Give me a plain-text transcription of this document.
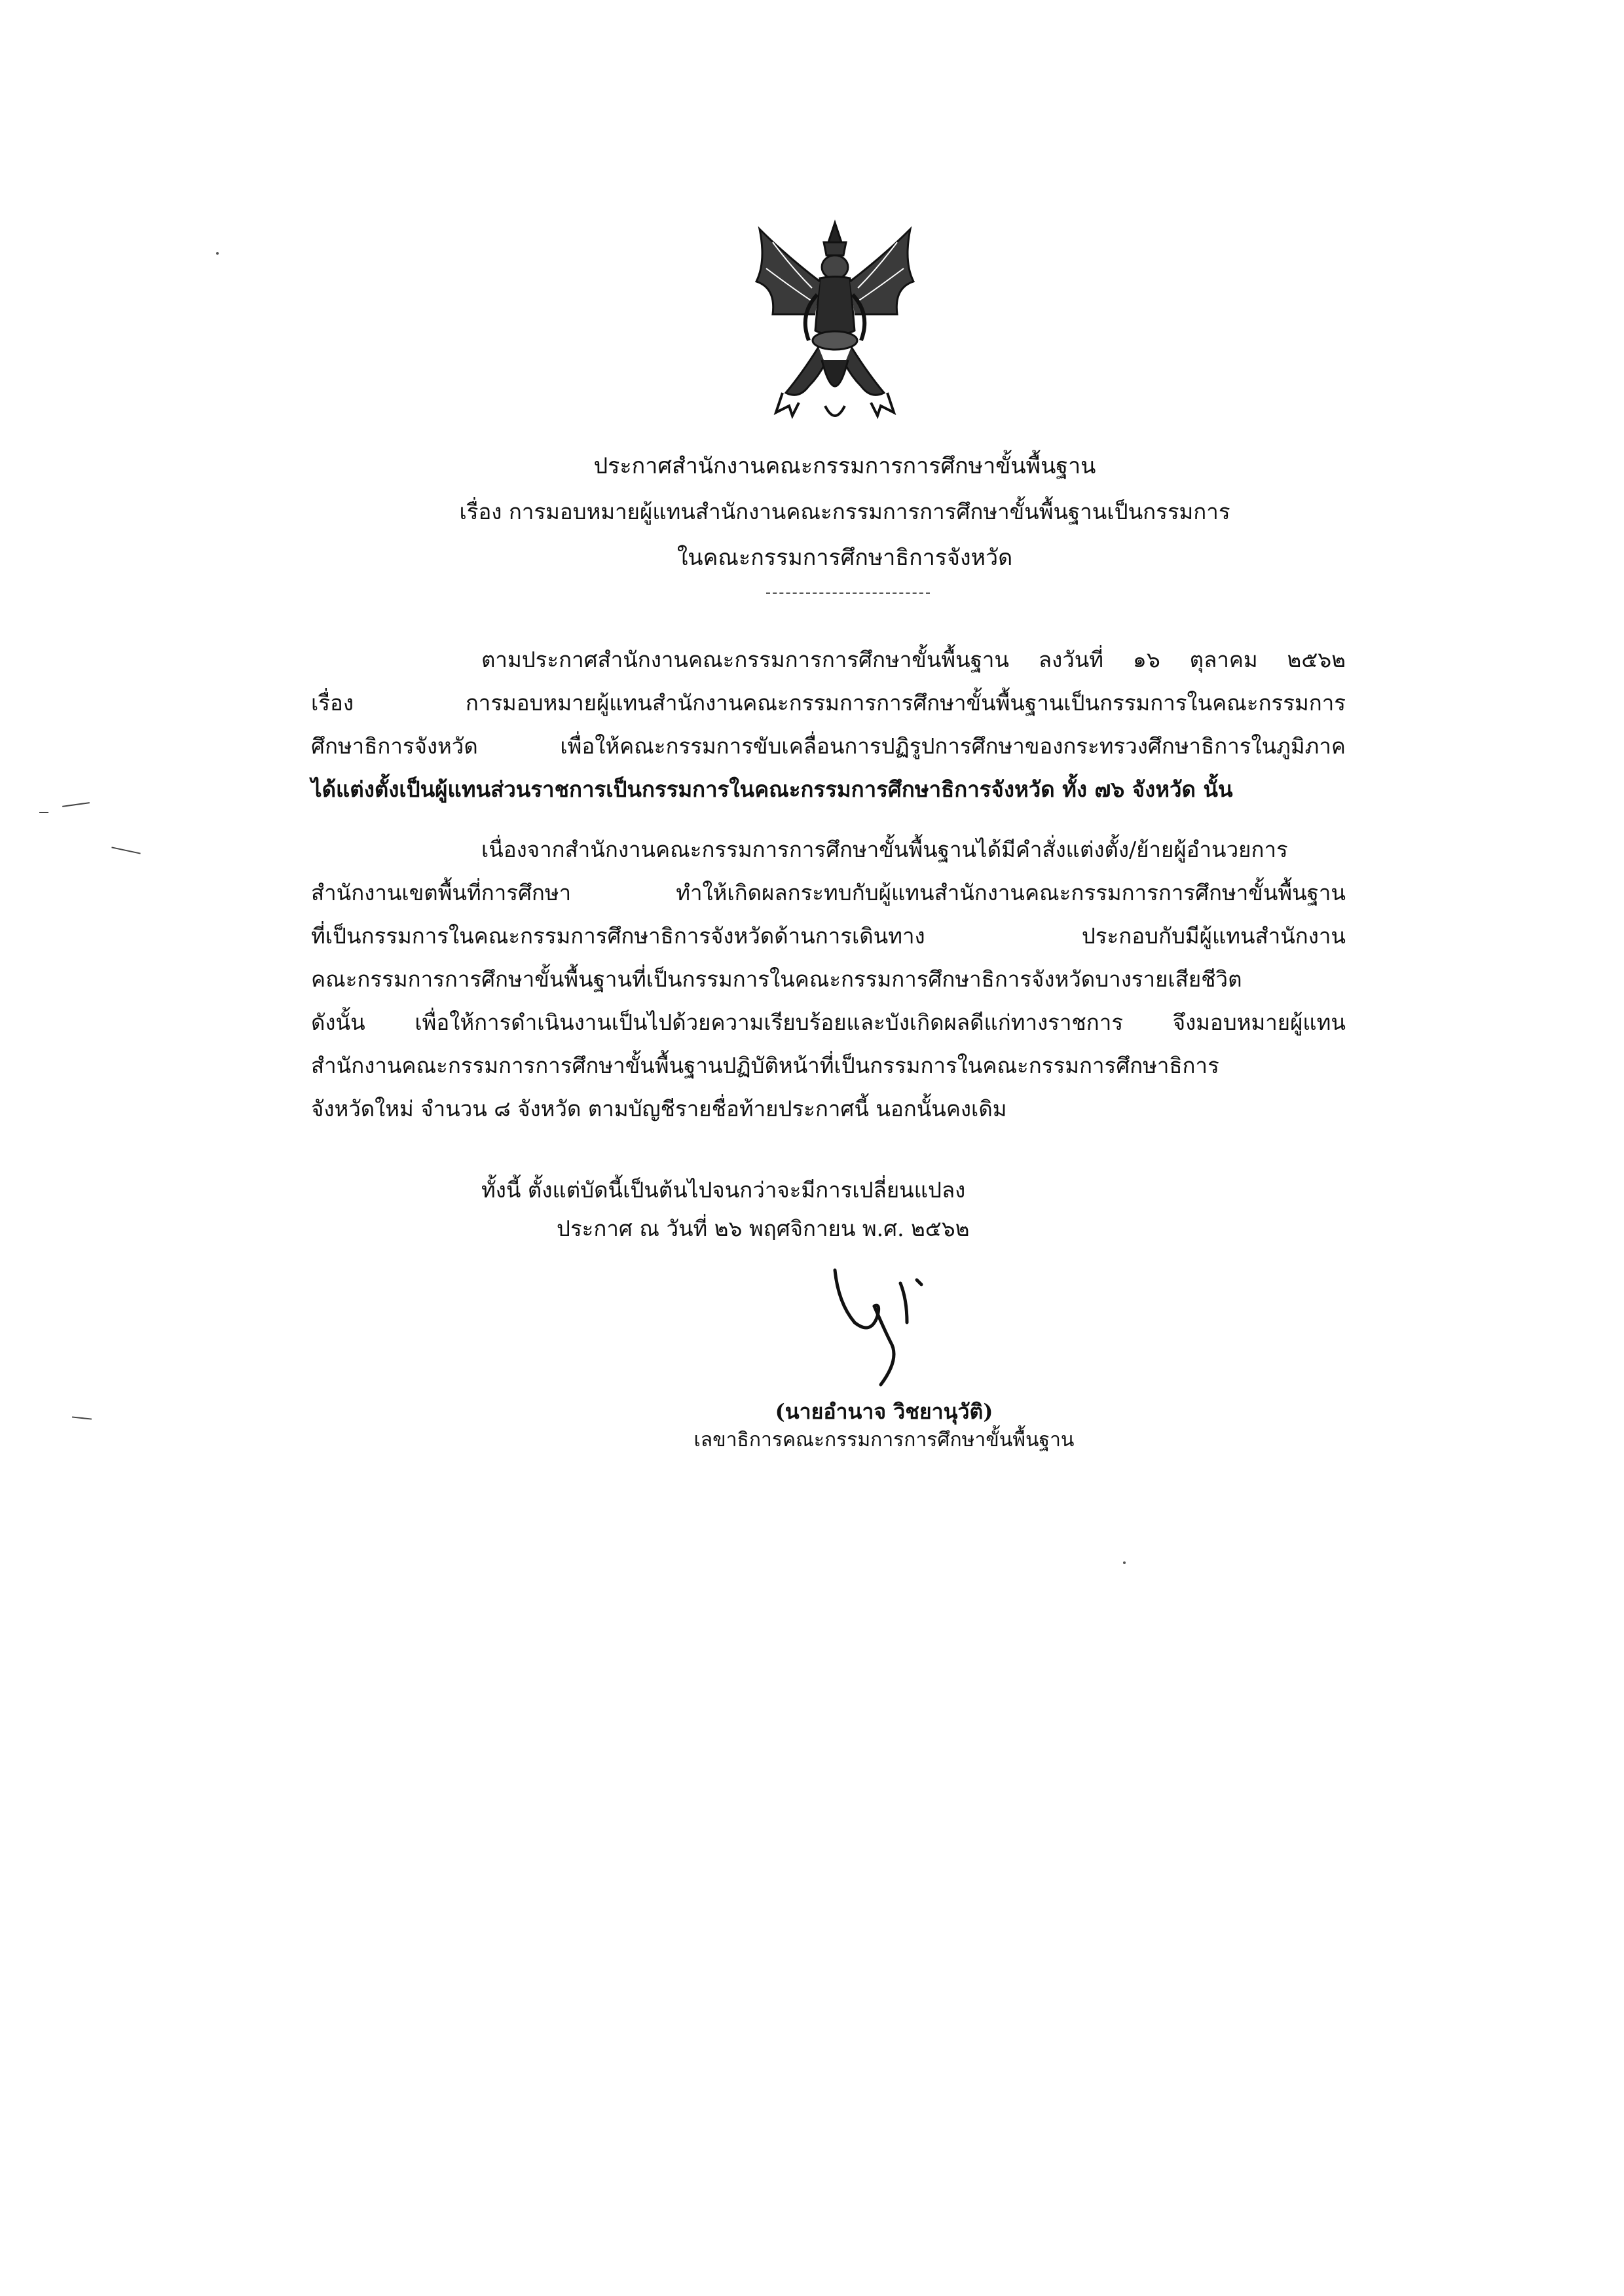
ประกาศสำนักงานคณะกรรมการการศึกษาขั้นพื้นฐาน
เรื่อง การมอบหมายผู้แทนสำนักงานคณะกรรมการการศึกษาขั้นพื้นฐานเป็นกรรมการ
ในคณะกรรมการศึกษาธิการจังหวัด
ตามประกาศสำนักงานคณะกรรมการการศึกษาขั้นพื้นฐาน ลงวันที่ ๑๖ ตุลาคม ๒๕๖๒
เรื่อง การมอบหมายผู้แทนสำนักงานคณะกรรมการการศึกษาขั้นพื้นฐานเป็นกรรมการในคณะกรรมการ
ศึกษาธิการจังหวัด เพื่อให้คณะกรรมการขับเคลื่อนการปฏิรูปการศึกษาของกระทรวงศึกษาธิการในภูมิภาค
ได้แต่งตั้งเป็นผู้แทนส่วนราชการเป็นกรรมการในคณะกรรมการศึกษาธิการจังหวัด ทั้ง ๗๖ จังหวัด นั้น
เนื่องจากสำนักงานคณะกรรมการการศึกษาขั้นพื้นฐานได้มีคำสั่งแต่งตั้ง/ย้ายผู้อำนวยการ
สำนักงานเขตพื้นที่การศึกษา ทำให้เกิดผลกระทบกับผู้แทนสำนักงานคณะกรรมการการศึกษาขั้นพื้นฐาน
ที่เป็นกรรมการในคณะกรรมการศึกษาธิการจังหวัดด้านการเดินทาง ประกอบกับมีผู้แทนสำนักงาน
คณะกรรมการการศึกษาขั้นพื้นฐานที่เป็นกรรมการในคณะกรรมการศึกษาธิการจังหวัดบางรายเสียชีวิต
ดังนั้น เพื่อให้การดำเนินงานเป็นไปด้วยความเรียบร้อยและบังเกิดผลดีแก่ทางราชการ จึงมอบหมายผู้แทน
สำนักงานคณะกรรมการการศึกษาขั้นพื้นฐานปฏิบัติหน้าที่เป็นกรรมการในคณะกรรมการศึกษาธิการ
จังหวัดใหม่ จำนวน ๘ จังหวัด ตามบัญชีรายชื่อท้ายประกาศนี้ นอกนั้นคงเดิม
ทั้งนี้ ตั้งแต่บัดนี้เป็นต้นไปจนกว่าจะมีการเปลี่ยนแปลง
ประกาศ ณ วันที่ ๒๖ พฤศจิกายน พ.ศ. ๒๕๖๒
(นายอำนาจ วิชยานุวัติ)
เลขาธิการคณะกรรมการการศึกษาขั้นพื้นฐาน
